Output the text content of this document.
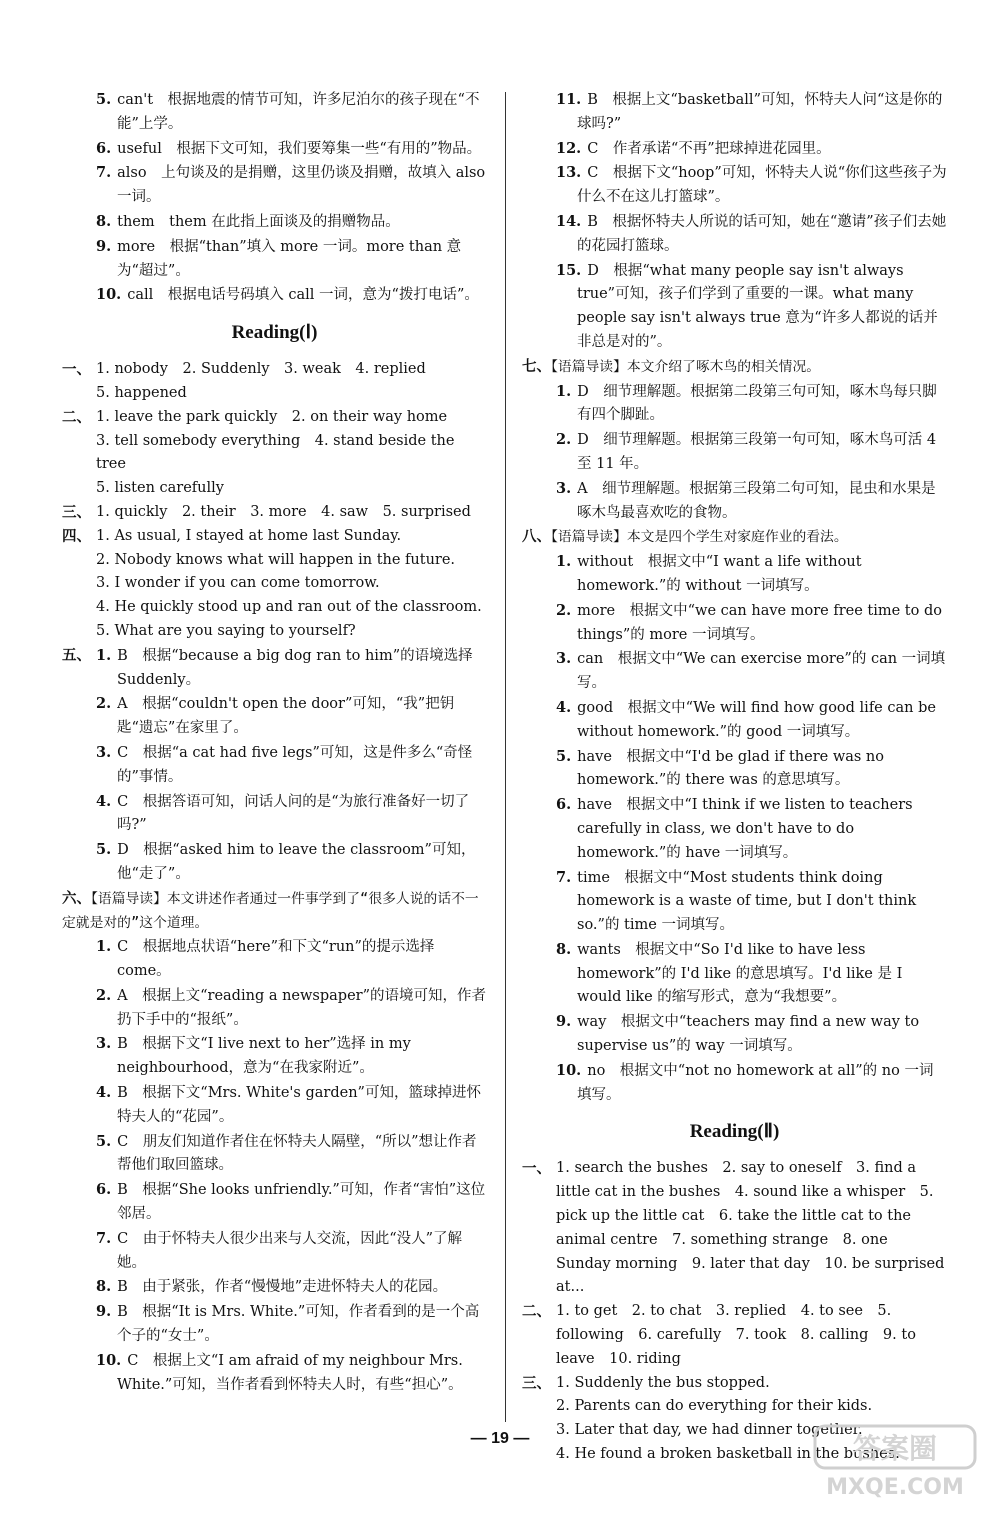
5. can't　根据地震的情节可知，许多尼泊尔的孩子现在“不能”上学。
6. useful　根据下文可知，我们要筹集一些“有用的”物品。
7. also　上句谈及的是捐赠，这里仍谈及捐赠，故填入 also 一词。
8. them　them 在此指上面谈及的捐赠物品。
9. more　根据“than”填入 more 一词。more than 意为“超过”。
10. call　根据电话号码填入 call 一词，意为“拨打电话”。
Reading(Ⅰ)
一、 1. nobody　2. Suddenly　3. weak　4. replied
5. happened
二、 1. leave the park quickly　2. on their way home
3. tell somebody everything　4. stand beside the tree
5. listen carefully
三、 1. quickly　2. their　3. more　4. saw　5. surprised
四、 1. As usual, I stayed at home last Sunday.
2. Nobody knows what will happen in the future.
3. I wonder if you can come tomorrow.
4. He quickly stood up and ran out of the classroom.
5. What are you saying to yourself?
五、 1. B　根据“because a big dog ran to him”的语境选择 Suddenly。
2. A　根据“couldn't open the door”可知，“我”把钥匙“遗忘”在家里了。
3. C　根据“a cat had five legs”可知，这是件多么“奇怪的”事情。
4. C　根据答语可知，问话人问的是“为旅行准备好一切了吗?”
5. D　根据“asked him to leave the classroom”可知，他“走了”。
六、【语篇导读】本文讲述作者通过一件事学到了“很多人说的话不一定就是对的”这个道理。
1. C　根据地点状语“here”和下文“run”的提示选择 come。
2. A　根据上文“reading a newspaper”的语境可知，作者扔下手中的“报纸”。
3. B　根据下文“I live next to her”选择 in my neighbourhood，意为“在我家附近”。
4. B　根据下文“Mrs. White's garden”可知，篮球掉进怀特夫人的“花园”。
5. C　朋友们知道作者住在怀特夫人隔壁，“所以”想让作者帮他们取回篮球。
6. B　根据“She looks unfriendly.”可知，作者“害怕”这位邻居。
7. C　由于怀特夫人很少出来与人交流，因此“没人”了解她。
8. B　由于紧张，作者“慢慢地”走进怀特夫人的花园。
9. B　根据“It is Mrs. White.”可知，作者看到的是一个高个子的“女士”。
10. C　根据上文“I am afraid of my neighbour Mrs. White.”可知，当作者看到怀特夫人时，有些“担心”。
11. B　根据上文“basketball”可知，怀特夫人问“这是你的球吗?”
12. C　作者承诺“不再”把球掉进花园里。
13. C　根据下文“hoop”可知，怀特夫人说“你们这些孩子为什么不在这儿打篮球”。
14. B　根据怀特夫人所说的话可知，她在“邀请”孩子们去她的花园打篮球。
15. D　根据“what many people say isn't always true”可知，孩子们学到了重要的一课。what many people say isn't always true 意为“许多人都说的话并非总是对的”。
七、【语篇导读】本文介绍了啄木鸟的相关情况。
1. D　细节理解题。根据第二段第三句可知，啄木鸟每只脚有四个脚趾。
2. D　细节理解题。根据第三段第一句可知，啄木鸟可活 4 至 11 年。
3. A　细节理解题。根据第三段第二句可知，昆虫和水果是啄木鸟最喜欢吃的食物。
八、【语篇导读】本文是四个学生对家庭作业的看法。
1. without　根据文中“I want a life without homework.”的 without 一词填写。
2. more　根据文中“we can have more free time to do things”的 more 一词填写。
3. can　根据文中“We can exercise more”的 can 一词填写。
4. good　根据文中“We will find how good life can be without homework.”的 good 一词填写。
5. have　根据文中“I'd be glad if there was no homework.”的 there was 的意思填写。
6. have　根据文中“I think if we listen to teachers carefully in class, we don't have to do homework.”的 have 一词填写。
7. time　根据文中“Most students think doing homework is a waste of time, but I don't think so.”的 time 一词填写。
8. wants　根据文中“So I'd like to have less homework”的 I'd like 的意思填写。I'd like 是 I would like 的缩写形式，意为“我想要”。
9. way　根据文中“teachers may find a new way to supervise us”的 way 一词填写。
10. no　根据文中“not no homework at all”的 no 一词填写。
Reading(Ⅱ)
一、 1. search the bushes　2. say to oneself　3. find a little cat in the bushes　4. sound like a whisper　5. pick up the little cat　6. take the little cat to the animal centre　7. something strange　8. one Sunday morning　9. later that day　10. be surprised at...
二、 1. to get　2. to chat　3. replied　4. to see　5. following　6. carefully　7. took　8. calling　9. to leave　10. riding
三、 1. Suddenly the bus stopped.
2. Parents can do everything for their kids.
3. Later that day, we had dinner together.
4. He found a broken basketball in the bushes.
— 19 —	答案圈
MXQE.COM
